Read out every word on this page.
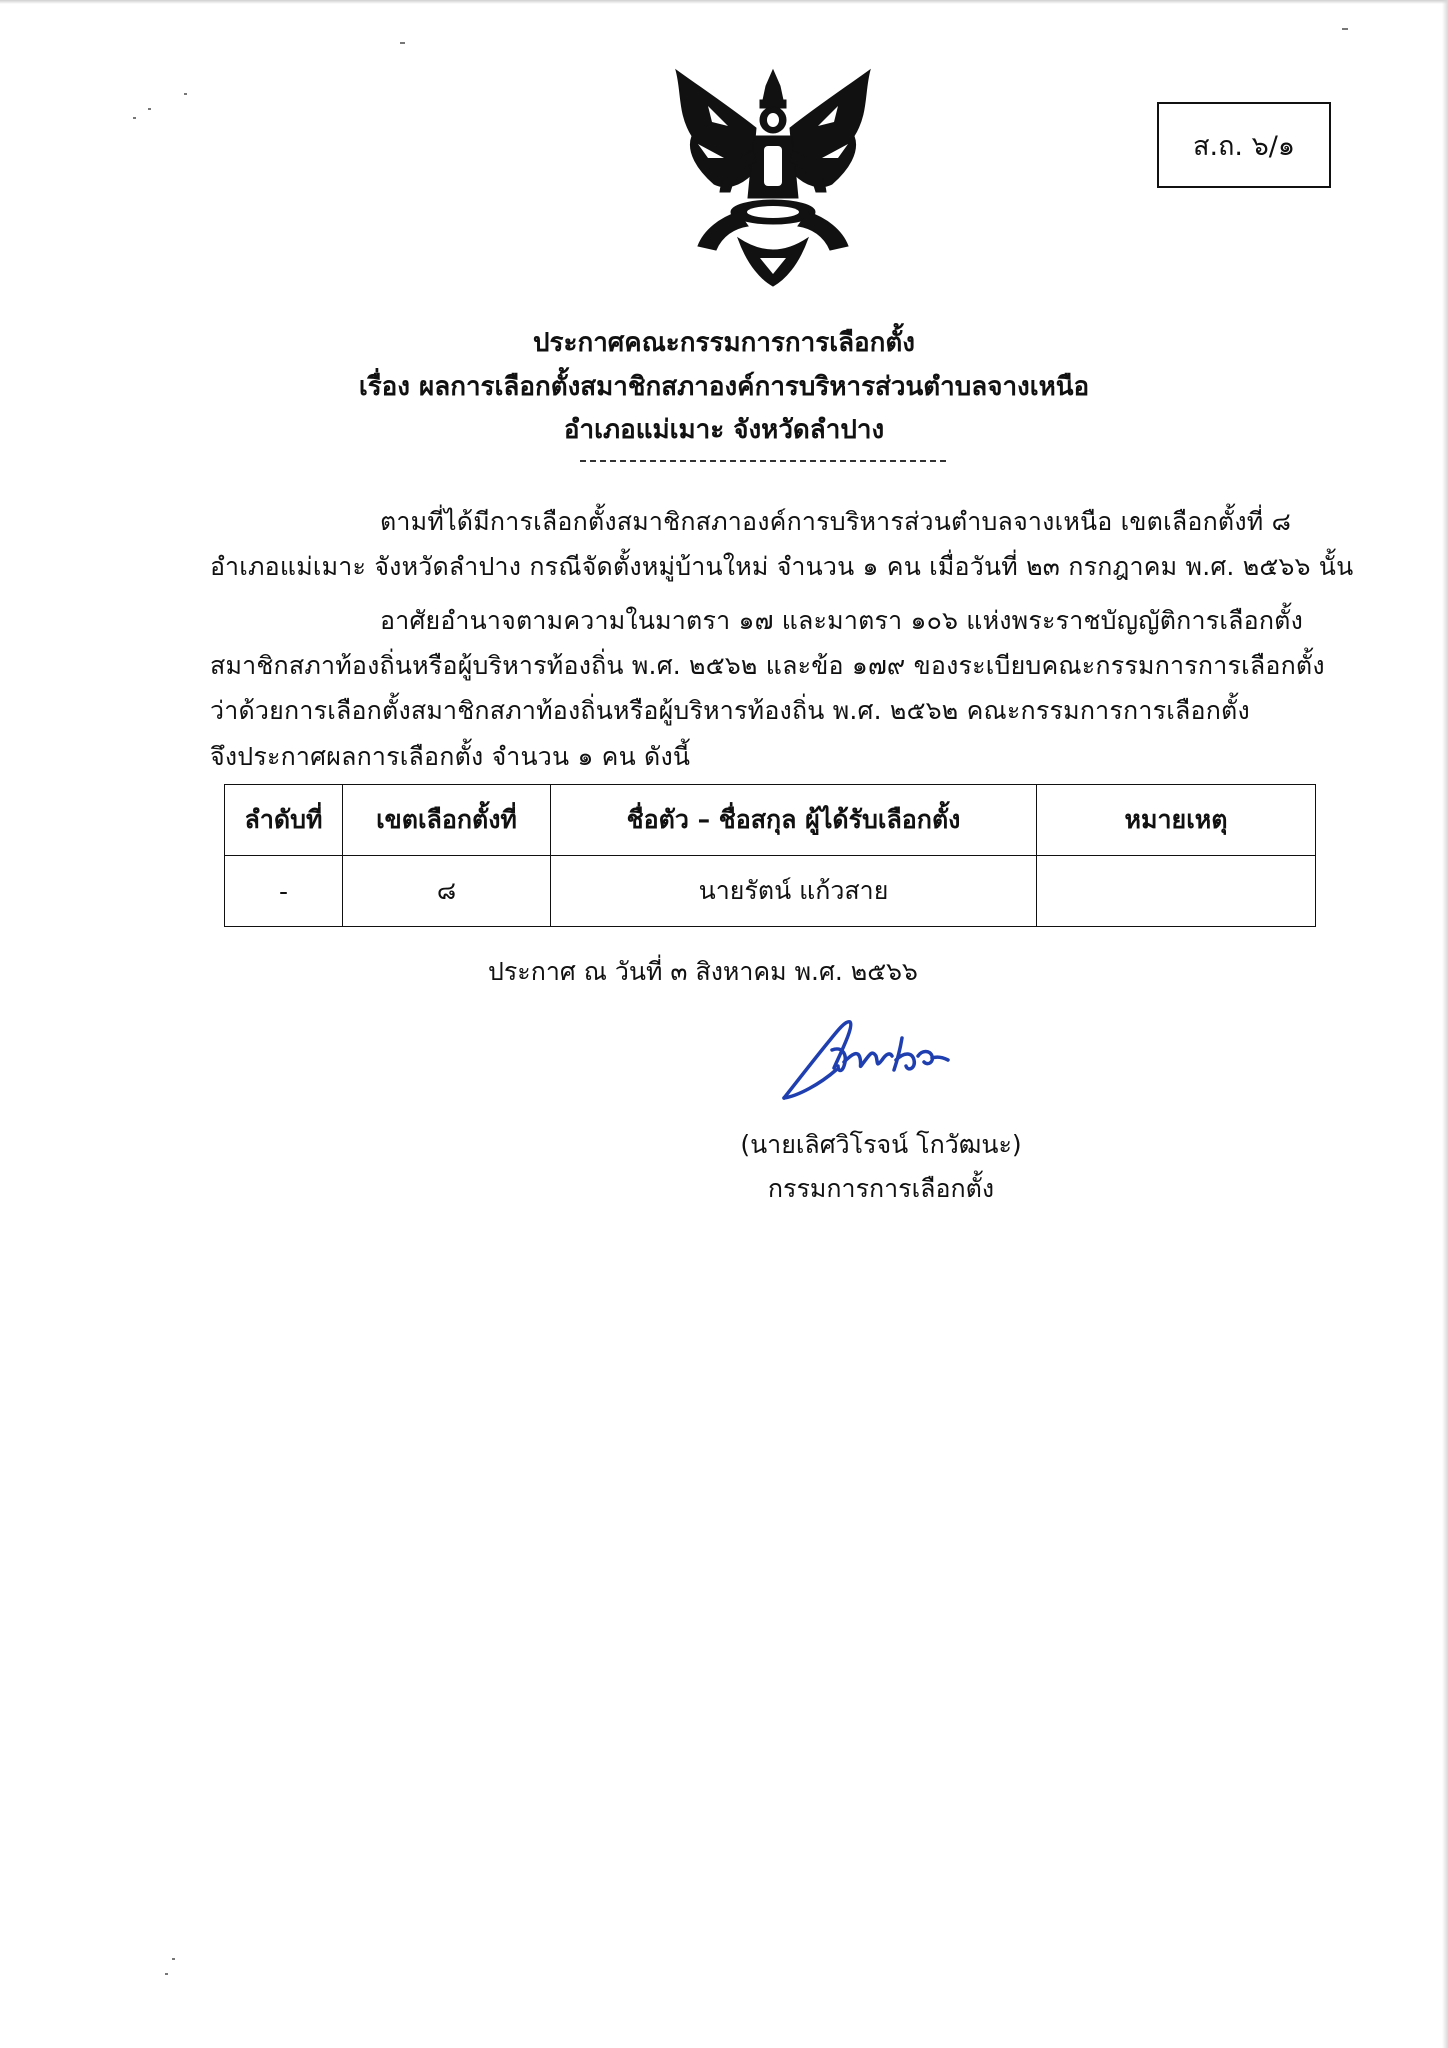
ส.ถ. ๖/๑
ประกาศคณะกรรมการการเลือกตั้ง
เรื่อง ผลการเลือกตั้งสมาชิกสภาองค์การบริหารส่วนตำบลจางเหนือ
อำเภอแม่เมาะ จังหวัดลำปาง
ตามที่ได้มีการเลือกตั้งสมาชิกสภาองค์การบริหารส่วนตำบลจางเหนือ เขตเลือกตั้งที่ ๘
อำเภอแม่เมาะ จังหวัดลำปาง กรณีจัดตั้งหมู่บ้านใหม่ จำนวน ๑ คน เมื่อวันที่ ๒๓ กรกฎาคม พ.ศ. ๒๕๖๖ นั้น
อาศัยอำนาจตามความในมาตรา ๑๗ และมาตรา ๑๐๖ แห่งพระราชบัญญัติการเลือกตั้ง
สมาชิกสภาท้องถิ่นหรือผู้บริหารท้องถิ่น พ.ศ. ๒๕๖๒ และข้อ ๑๗๙ ของระเบียบคณะกรรมการการเลือกตั้ง
ว่าด้วยการเลือกตั้งสมาชิกสภาท้องถิ่นหรือผู้บริหารท้องถิ่น พ.ศ. ๒๕๖๒ คณะกรรมการการเลือกตั้ง
จึงประกาศผลการเลือกตั้ง จำนวน ๑ คน ดังนี้
ลำดับที่	เขตเลือกตั้งที่	ชื่อตัว – ชื่อสกุล ผู้ได้รับเลือกตั้ง	หมายเหตุ
-	๘	นายรัตน์ แก้วสาย	
ประกาศ ณ วันที่ ๓ สิงหาคม พ.ศ. ๒๕๖๖
(นายเลิศวิโรจน์ โกวัฒนะ)
กรรมการการเลือกตั้ง
